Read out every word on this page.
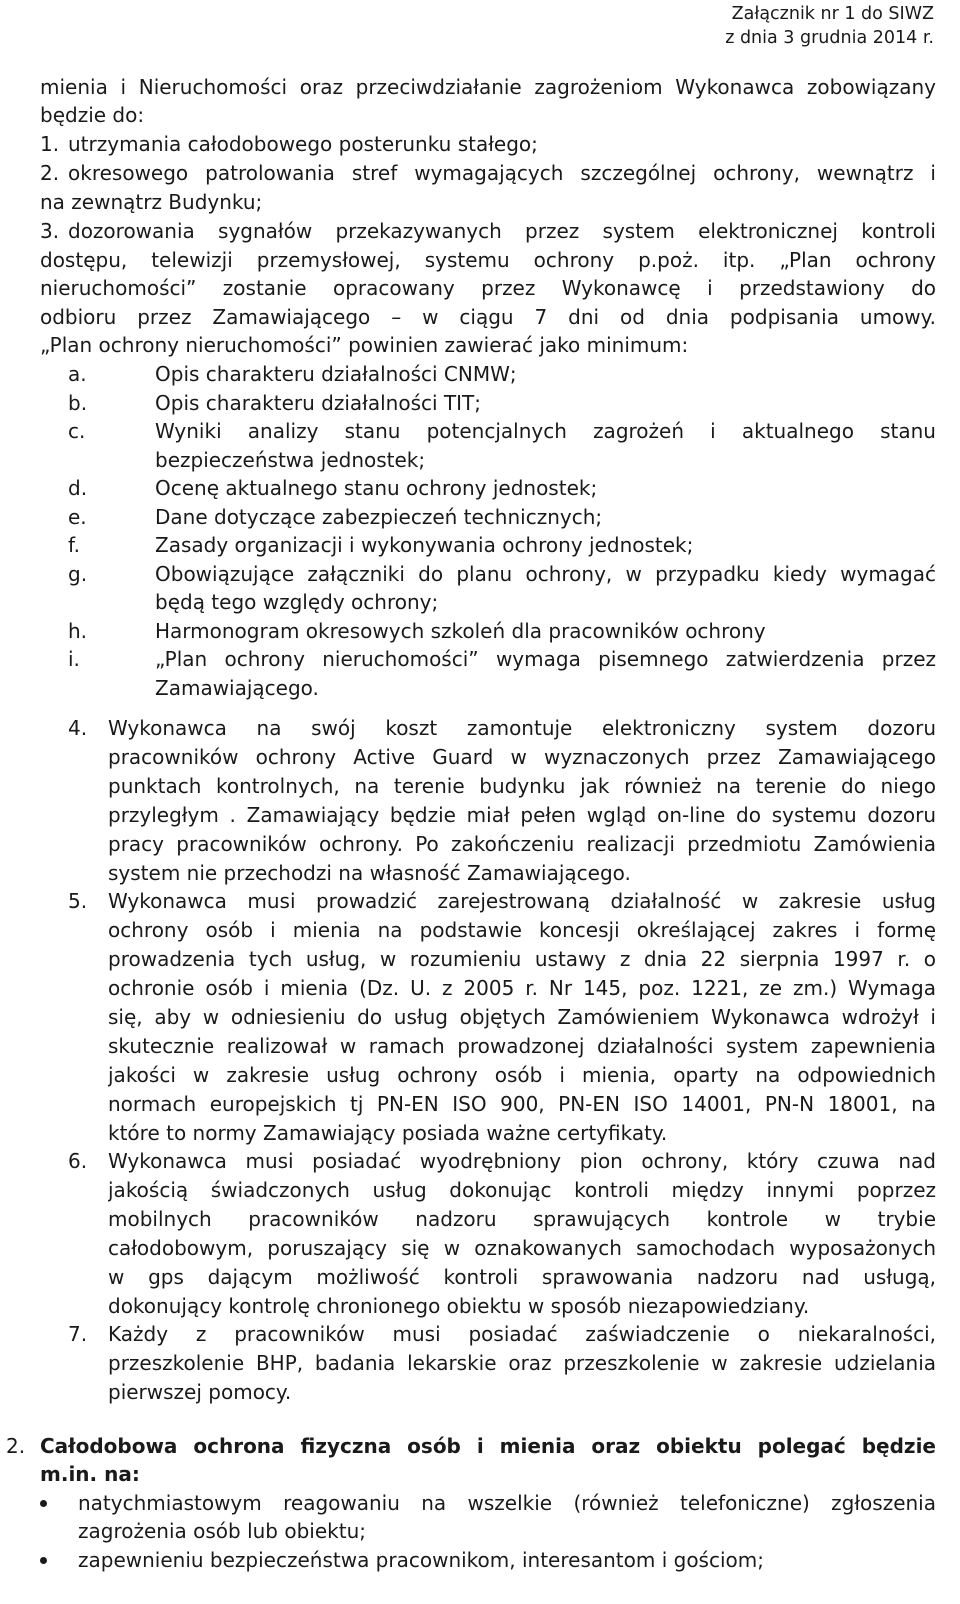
Załącznik nr 1 do SIWZ
z dnia 3 grudnia 2014 r.
mienia i Nieruchomości oraz przeciwdziałanie zagrożeniom Wykonawca zobowiązany
będzie do:
1. utrzymania całodobowego posterunku stałego;
2. okresowego patrolowania stref wymagających szczególnej ochrony, wewnątrz i
na zewnątrz Budynku;
3. dozorowania sygnałów przekazywanych przez system elektronicznej kontroli
dostępu, telewizji przemysłowej, systemu ochrony p.poż. itp. „Plan ochrony
nieruchomości” zostanie opracowany przez Wykonawcę i przedstawiony do
odbioru przez Zamawiającego – w ciągu 7 dni od dnia podpisania umowy.
„Plan ochrony nieruchomości” powinien zawierać jako minimum:
a.	Opis charakteru działalności CNMW;
b.	Opis charakteru działalności TIT;
c.	Wyniki analizy stanu potencjalnych zagrożeń i aktualnego stanu
bezpieczeństwa jednostek;
d.	Ocenę aktualnego stanu ochrony jednostek;
e.	Dane dotyczące zabezpieczeń technicznych;
f.	Zasady organizacji i wykonywania ochrony jednostek;
g.	Obowiązujące załączniki do planu ochrony, w przypadku kiedy wymagać
będą tego względy ochrony;
h.	Harmonogram okresowych szkoleń dla pracowników ochrony
i.	„Plan ochrony nieruchomości” wymaga pisemnego zatwierdzenia przez
Zamawiającego.
4. Wykonawca na swój koszt zamontuje elektroniczny system dozoru
pracowników ochrony Active Guard w wyznaczonych przez Zamawiającego
punktach kontrolnych, na terenie budynku jak również na terenie do niego
przyległym . Zamawiający będzie miał pełen wgląd on-line do systemu dozoru
pracy pracowników ochrony. Po zakończeniu realizacji przedmiotu Zamówienia
system nie przechodzi na własność Zamawiającego.
5. Wykonawca musi prowadzić zarejestrowaną działalność w zakresie usług
ochrony osób i mienia na podstawie koncesji określającej zakres i formę
prowadzenia tych usług, w rozumieniu ustawy z dnia 22 sierpnia 1997 r. o
ochronie osób i mienia (Dz. U. z 2005 r. Nr 145, poz. 1221, ze zm.) Wymaga
się, aby w odniesieniu do usług objętych Zamówieniem Wykonawca wdrożył i
skutecznie realizował w ramach prowadzonej działalności system zapewnienia
jakości w zakresie usług ochrony osób i mienia, oparty na odpowiednich
normach europejskich tj PN-EN ISO 900, PN-EN ISO 14001, PN-N 18001, na
które to normy Zamawiający posiada ważne certyfikaty.
6. Wykonawca musi posiadać wyodrębniony pion ochrony, który czuwa nad
jakością świadczonych usług dokonując kontroli między innymi poprzez
mobilnych pracowników nadzoru sprawujących kontrole w trybie
całodobowym, poruszający się w oznakowanych samochodach wyposażonych
w gps dającym możliwość kontroli sprawowania nadzoru nad usługą,
dokonujący kontrolę chronionego obiektu w sposób niezapowiedziany.
7. Każdy z pracowników musi posiadać zaświadczenie o niekaralności,
przeszkolenie BHP, badania lekarskie oraz przeszkolenie w zakresie udzielania
pierwszej pomocy.
2. Całodobowa ochrona fizyczna osób i mienia oraz obiektu polegać będzie
m.in. na:
natychmiastowym reagowaniu na wszelkie (również telefoniczne) zgłoszenia
zagrożenia osób lub obiektu;
zapewnieniu bezpieczeństwa pracownikom, interesantom i gościom;
